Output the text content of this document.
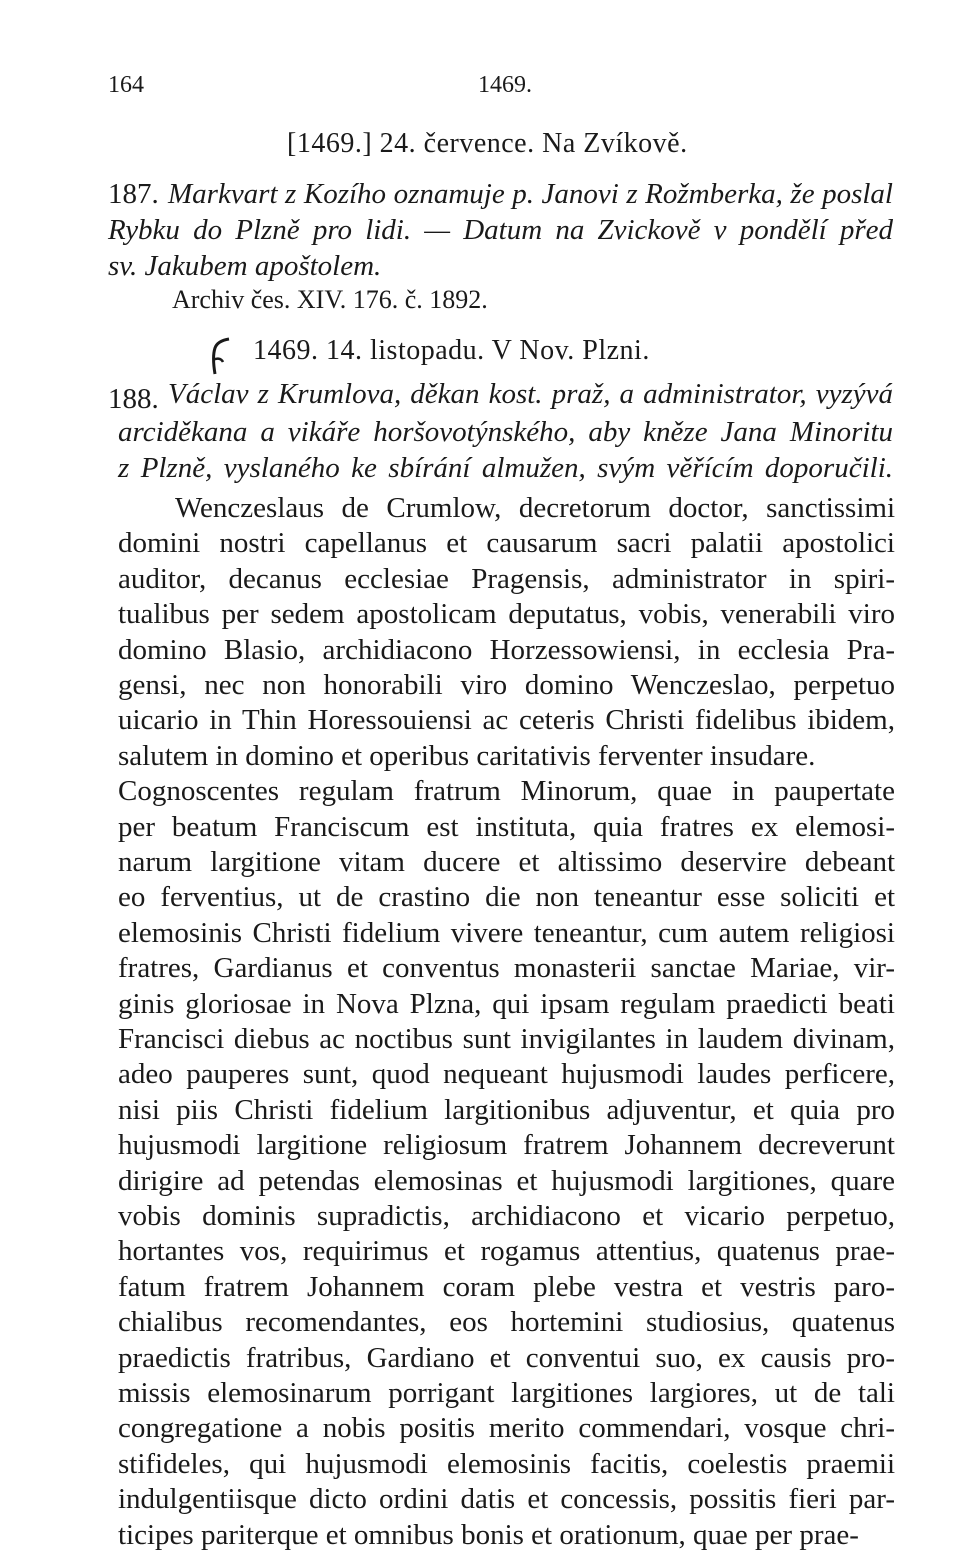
164	1469.
[1469.] 24. července. Na Zvíkově.
187. Markvart z Kozího oznamuje p. Janovi z Rožmberka, že poslal
Rybku do Plzně pro lidi. — Datum na Zvickově v pondělí před
sv. Jakubem apoštolem.
Archiv čes. XIV. 176. č. 1892.
1469. 14. listopadu. V Nov. Plzni.
188. Václav z Krumlova, děkan kost. praž, a administrator, vyzývá
arciděkana a vikáře horšovotýnského, aby kněze Jana Minoritu
z Plzně, vyslaného ke sbírání almužen, svým věřícím doporučili.
Wenczeslaus de Crumlow, decretorum doctor, sanctissimi
domini nostri capellanus et causarum sacri palatii apostolici
auditor, decanus ecclesiae Pragensis, administrator in spiri-
tualibus per sedem apostolicam deputatus, vobis, venerabili viro
domino Blasio, archidiacono Horzessowiensi, in ecclesia Pra-
gensi, nec non honorabili viro domino Wenczeslao, perpetuo
uicario in Thin Horessouiensi ac ceteris Christi fidelibus ibidem,
salutem in domino et operibus caritativis ferventer insudare.
Cognoscentes regulam fratrum Minorum, quae in paupertate
per beatum Franciscum est instituta, quia fratres ex elemosi-
narum largitione vitam ducere et altissimo deservire debeant
eo ferventius, ut de crastino die non teneantur esse soliciti et
elemosinis Christi fidelium vivere teneantur, cum autem religiosi
fratres, Gardianus et conventus monasterii sanctae Mariae, vir-
ginis gloriosae in Nova Plzna, qui ipsam regulam praedicti beati
Francisci diebus ac noctibus sunt invigilantes in laudem divinam,
adeo pauperes sunt, quod nequeant hujusmodi laudes perficere,
nisi piis Christi fidelium largitionibus adjuventur, et quia pro
hujusmodi largitione religiosum fratrem Johannem decreverunt
dirigire ad petendas elemosinas et hujusmodi largitiones, quare
vobis dominis supradictis, archidiacono et vicario perpetuo,
hortantes vos, requirimus et rogamus attentius, quatenus prae-
fatum fratrem Johannem coram plebe vestra et vestris paro-
chialibus recomendantes, eos hortemini studiosius, quatenus
praedictis fratribus, Gardiano et conventui suo, ex causis pro-
missis elemosinarum porrigant largitiones largiores, ut de tali
congregatione a nobis positis merito commendari, vosque chri-
stifideles, qui hujusmodi elemosinis facitis, coelestis praemii
indulgentiisque dicto ordini datis et concessis, possitis fieri par-
ticipes pariterque et omnibus bonis et orationum, quae per prae-
